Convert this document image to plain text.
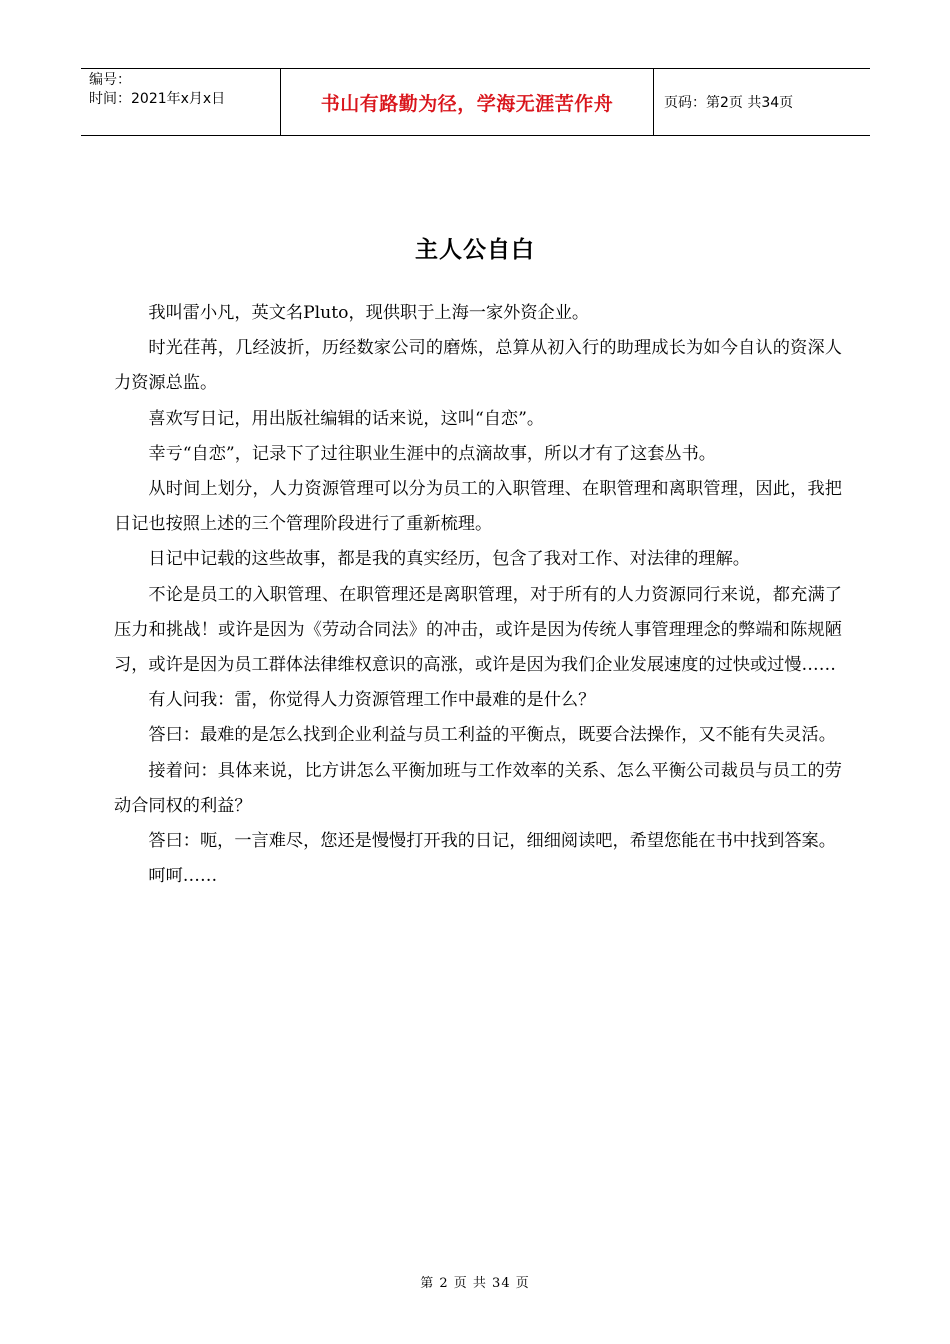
编号：
时间：2021年x月x日	书山有路勤为径，学海无涯苦作舟	页码：第2页 共34页
主人公自白

我叫雷小凡，英文名Pluto，现供职于上海一家外资企业。

时光荏苒，几经波折，历经数家公司的磨炼，总算从初入行的助理成长为如今自认的资深人力资源总监。

喜欢写日记，用出版社编辑的话来说，这叫“自恋”。

幸亏“自恋”，记录下了过往职业生涯中的点滴故事，所以才有了这套丛书。

从时间上划分，人力资源管理可以分为员工的入职管理、在职管理和离职管理，因此，我把日记也按照上述的三个管理阶段进行了重新梳理。

日记中记载的这些故事，都是我的真实经历，包含了我对工作、对法律的理解。

不论是员工的入职管理、在职管理还是离职管理，对于所有的人力资源同行来说，都充满了压力和挑战！或许是因为《劳动合同法》的冲击，或许是因为传统人事管理理念的弊端和陈规陋习，或许是因为员工群体法律维权意识的高涨，或许是因为我们企业发展速度的过快或过慢……

有人问我：雷，你觉得人力资源管理工作中最难的是什么？

答曰：最难的是怎么找到企业利益与员工利益的平衡点，既要合法操作，又不能有失灵活。

接着问：具体来说，比方讲怎么平衡加班与工作效率的关系、怎么平衡公司裁员与员工的劳动合同权的利益？

答曰：呃，一言难尽，您还是慢慢打开我的日记，细细阅读吧，希望您能在书中找到答案。

呵呵……

第 2 页 共 34 页
